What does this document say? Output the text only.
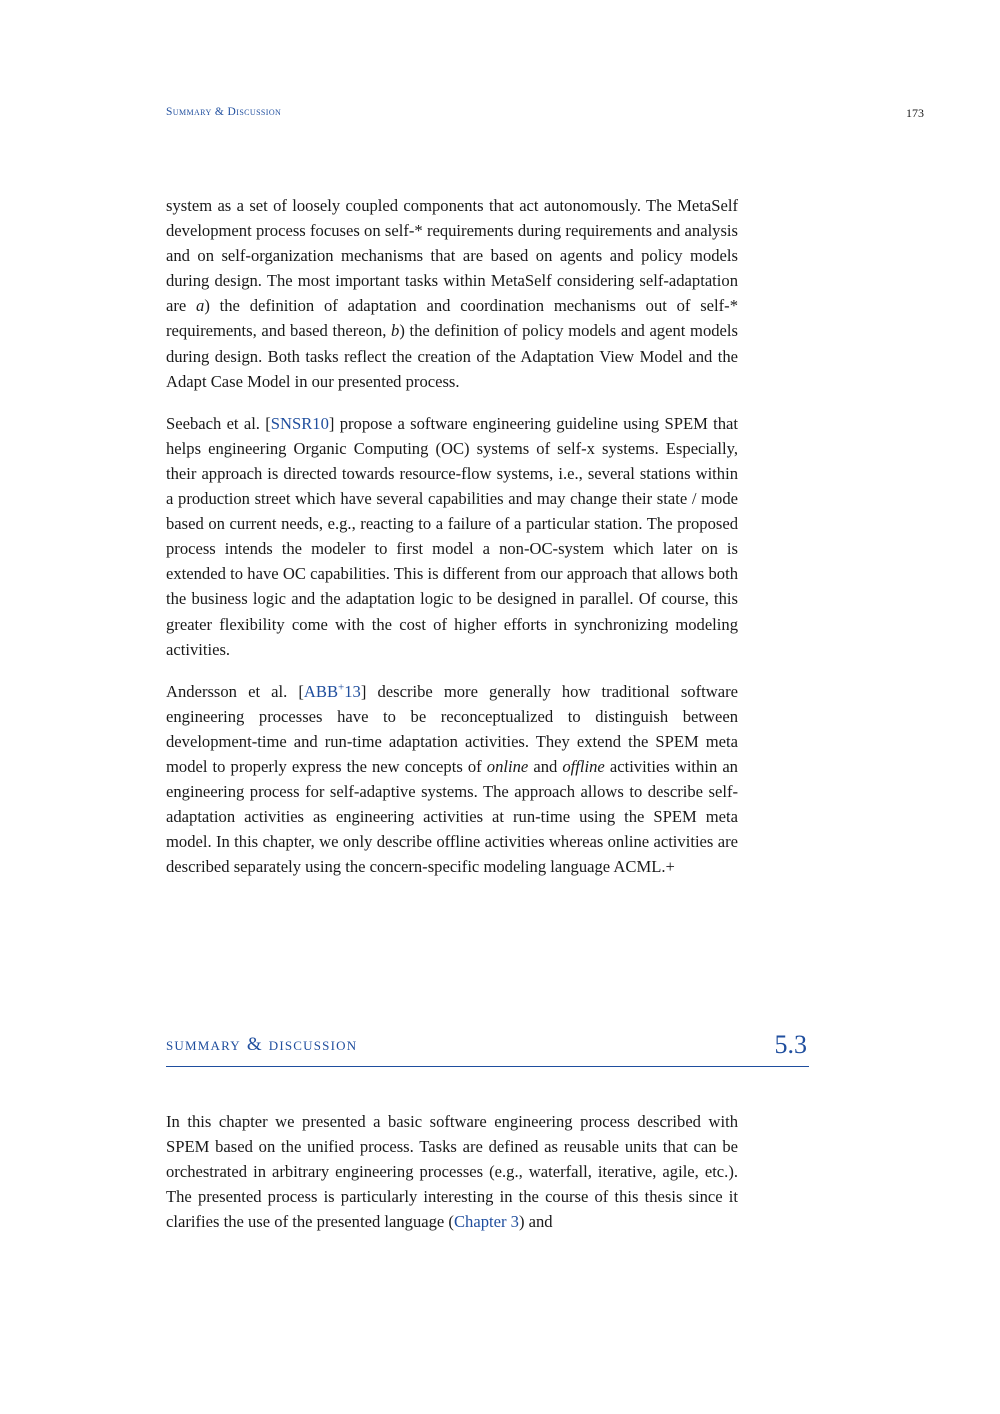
Summary & Discussion	173

system as a set of loosely coupled components that act autonomously. The MetaSelf development process focuses on self-* requirements during requirements and analysis and on self-organization mechanisms that are based on agents and policy models during design. The most important tasks within MetaSelf considering self-adaptation are a) the definition of adaptation and coordination mechanisms out of self-* requirements, and based thereon, b) the definition of policy models and agent models during design. Both tasks reflect the creation of the Adaptation View Model and the Adapt Case Model in our presented process.

Seebach et al. [SNSR10] propose a software engineering guideline using SPEM that helps engineering Organic Computing (OC) systems of self-x systems. Especially, their approach is directed towards resource-flow systems, i.e., several stations within a production street which have several capabilities and may change their state / mode based on current needs, e.g., reacting to a failure of a particular station. The proposed process intends the modeler to first model a non-OC-system which later on is extended to have OC capabilities. This is different from our approach that allows both the business logic and the adaptation logic to be designed in parallel. Of course, this greater flexibility come with the cost of higher efforts in synchronizing modeling activities.

Andersson et al. [ABB+13] describe more generally how traditional software engineering processes have to be reconceptualized to distinguish between development-time and run-time adaptation activities. They extend the SPEM meta model to properly express the new concepts of online and offline activities within an engineering process for self-adaptive systems. The approach allows to describe self-adaptation activities as engineering activities at run-time using the SPEM meta model. In this chapter, we only describe offline activities whereas online activities are described separately using the concern-specific modeling language ACML.+

summary & discussion	5.3

In this chapter we presented a basic software engineering process described with SPEM based on the unified process. Tasks are defined as reusable units that can be orchestrated in arbitrary engineering processes (e.g., waterfall, iterative, agile, etc.). The presented process is particularly interesting in the course of this thesis since it clarifies the use of the presented language (Chapter 3) and
